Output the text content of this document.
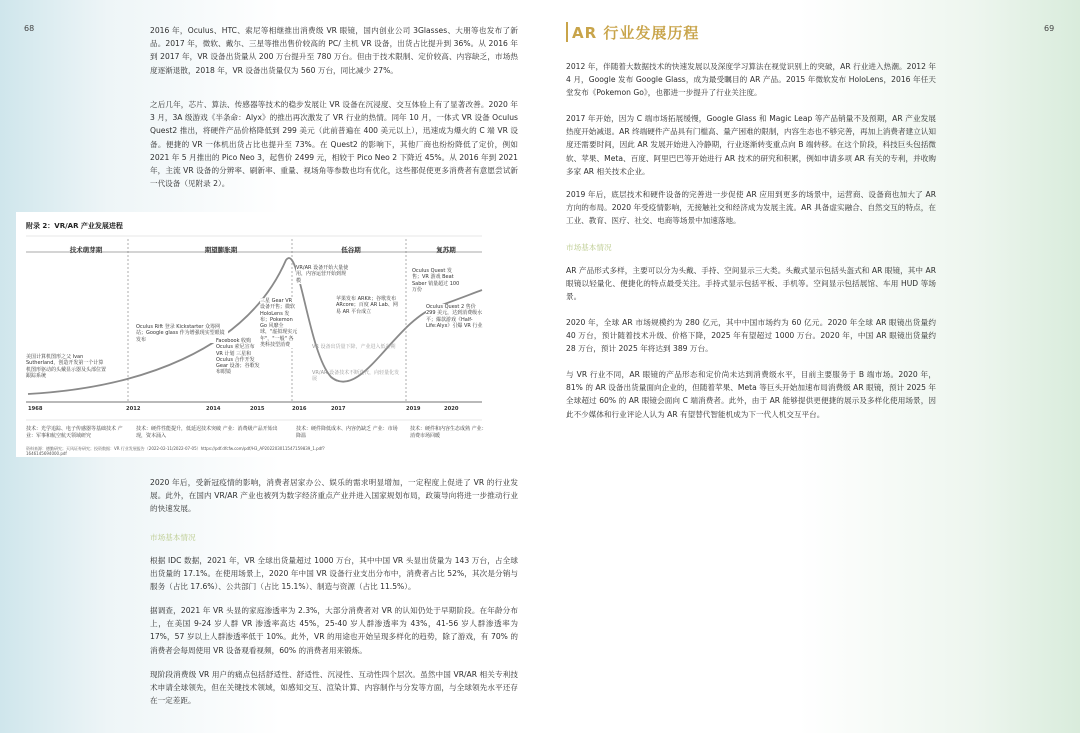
68	2016 年，Oculus、HTC、索尼等相继推出消费级 VR 眼镜，国内创业公司 3Glasses、大朋等也发布了新品。2017 年，微软、戴尔、三星等推出售价较高的 PC/ 主机 VR 设备，出货占比提升到 36%。从 2016 年到 2017 年，VR 设备出货量从 200 万台提升至 780 万台。但由于技术限制、定价较高、内容缺乏，市场热度逐渐退散，2018 年，VR 设备出货量仅为 560 万台，同比减少 27%。

之后几年，芯片、算法、传感器等技术的稳步发展让 VR 设备在沉浸度、交互体验上有了显著改善。2020 年 3 月，3A 级游戏《半条命：Alyx》的推出再次激发了 VR 行业的热情。同年 10 月，一体式 VR 设备 Oculus Quest2 推出，将硬件产品价格降低到 299 美元（此前普遍在 400 美元以上），迅速成为爆火的 C 端 VR 设备。便捷的 VR 一体机出货占比也提升至 73%。在 Quest2 的影响下，其他厂商也纷纷降低了定价，例如 2021 年 5 月推出的 Pico Neo 3，起售价 2499 元，相较于 Pico Neo 2 下降近 45%。从 2016 年到 2021 年，主流 VR 设备的分辨率、刷新率、重量、视场角等参数也均有优化，这些都促使更多消费者有意愿尝试新一代设备（见附录 2）。

附录 2：VR/AR 产业发展进程
技术萌芽期	期望膨胀期	低谷期	复苏期
美国计算机图形之父 Ivan Sutherland，创造开发第一个计算机图形驱动的头戴显示器及头部位置跟踪系统
Oculus Rift 登录 Kickstarter 众筹网站；Google glass 作为增强现实型眼镜发布	Facebook 收购 Oculus 索尼宣布 VR 计划 三星和 Oculus 合作开发 Gear 设备；谷歌发布眼镜
三星 Gear VR 设备开售；微软 HoloLens 发布；Pokemon Go 风靡全球，"虚拟现实元年"，"一般" 各类科技型消费
VR/AR 设备开始大量使用，内容运营开始到规模
苹果发布 ARKit；谷歌发布 ARcore；百度 AR Lab、网易 AR 平台成立
Oculus Quest 发售；VR 游戏 Beat Saber 销量超过 100 万份
Oculus Quest 2 售价 299 美元，达到消费级水平；爆款游戏《Half-Life:Alyx》引爆 VR 行业
VR 设备出货量下降，产业进入低谷期
VR/AR 设备技术不断迭代，向轻量化发展
1968	2012	2014	2015	2016	2017	2019	2020
技术：光学追踪、电子传感器等基础技术 产业：军事和航空航天领域研究
技术：硬件性能提升，低延迟技术突破 产业：消费级产品开始出现，资本涌入
技术：硬件降低成本、内容仍缺乏 产业：市场降温
技术：硬件和内容生态成熟 产业：消费市场回暖
资料来源：德勤研究；天风证券研究；投资数据：VR 行业发展报告（2022-02-11/2022-07-05）https://pdf.dfcfw.com/pdf/H3_AP202203011547159839_1.pdf?1646145694000.pdf

2020 年后，受新冠疫情的影响，消费者居家办公、娱乐的需求明显增加，一定程度上促进了 VR 的行业发展。此外，在国内 VR/AR 产业也被列为数字经济重点产业并进入国家规划布局，政策导向将进一步推动行业的快速发展。

市场基本情况

根据 IDC 数据，2021 年，VR 全球出货量超过 1000 万台，其中中国 VR 头显出货量为 143 万台，占全球出货量的 17.1%。在使用场景上，2020 年中国 VR 设备行业支出分布中，消费者占比 52%，其次是分销与服务（占比 17.6%）、公共部门（占比 15.1%）、制造与资源（占比 11.5%）。

据调查，2021 年 VR 头显的家庭渗透率为 2.3%，大部分消费者对 VR 的认知仍处于早期阶段。在年龄分布上，在美国 9-24 岁人群 VR 渗透率高达 45%，25-40 岁人群渗透率为 43%，41-56 岁人群渗透率为 17%，57 岁以上人群渗透率低于 10%。此外，VR 的用途也开始呈现多样化的趋势，除了游戏，有 70% 的消费者会每周使用 VR 设备观看视频，60% 的消费者用来锻炼。

现阶段消费级 VR 用户的痛点包括舒适性、舒适性、沉浸性、互动性四个层次。虽然中国 VR/AR 相关专利技术申请全球领先，但在关键技术领域，如感知交互、渲染计算、内容制作与分发等方面，与全球领先水平还存在一定差距。

AR 行业发展历程	69

2012 年，伴随着大数据技术的快速发展以及深度学习算法在视觉识别上的突破，AR 行业进入热潮。2012 年 4 月，Google 发布 Google Glass，成为最受瞩目的 AR 产品。2015 年微软发布 HoloLens，2016 年任天堂发布《Pokemon Go》，也都进一步提升了行业关注度。

2017 年开始，因为 C 端市场拓展缓慢，Google Glass 和 Magic Leap 等产品销量不及预期，AR 产业发展热度开始减退。AR 终端硬件产品具有门槛高、量产困难的限制，内容生态也不够完善，再加上消费者建立认知度还需要时间，因此 AR 发展开始进入冷静期，行业逐渐转变重点向 B 端转移。在这个阶段，科技巨头包括微软、苹果、Meta、百度、阿里巴巴等开始进行 AR 技术的研究和积累，例如申请多项 AR 有关的专利，并收购多家 AR 相关技术企业。

2019 年后，底层技术和硬件设备的完善进一步促使 AR 应用到更多的场景中，运营商、设备商也加大了 AR 方向的布局。2020 年受疫情影响，无接触社交和经济成为发展主流。AR 具备虚实融合、自然交互的特点，在工业、教育、医疗、社交、电商等场景中加速落地。

市场基本情况

AR 产品形式多样，主要可以分为头戴、手持、空间显示三大类。头戴式显示包括头盔式和 AR 眼镜，其中 AR 眼镜以轻量化、便捷化的特点最受关注。手持式显示包括平板、手机等。空间显示包括展馆、车用 HUD 等场景。

2020 年，全球 AR 市场规模约为 280 亿元，其中中国市场约为 60 亿元。2020 年全球 AR 眼镜出货量约 40 万台，预计随着技术升级、价格下降，2025 年有望超过 1000 万台。2020 年，中国 AR 眼镜出货量约 28 万台，预计 2025 年将达到 389 万台。

与 VR 行业不同，AR 眼镜的产品形态和定价尚未达到消费级水平，目前主要服务于 B 端市场。2020 年，81% 的 AR 设备出货量面向企业的，但随着苹果、Meta 等巨头开始加速布局消费级 AR 眼镜，预计 2025 年全球超过 60% 的 AR 眼镜会面向 C 端消费者。此外，由于 AR 能够提供更便捷的展示及多样化使用场景，因此不少媒体和行业评论人认为 AR 有望替代智能机成为下一代人机交互平台。
